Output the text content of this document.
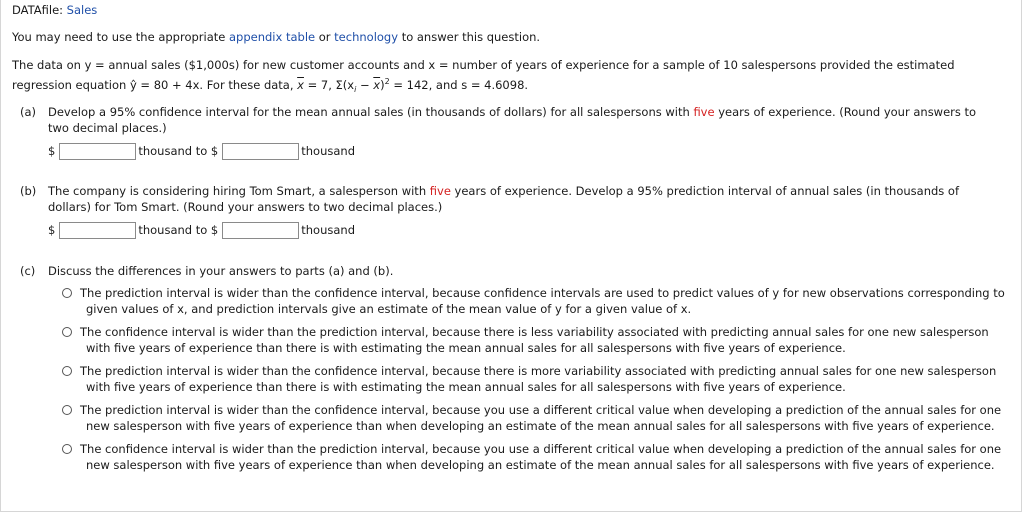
DATAfile: Sales
You may need to use the appropriate appendix table or technology to answer this question.
The data on y = annual sales ($1,000s) for new customer accounts and x = number of years of experience for a sample of 10 salespersons provided the estimated
regression equation ŷ = 80 + 4x. For these data, $\overline{x} = 7$, $\Sigma(x_i - \overline{x})^2 = 142$, and s = 4.6098.
(a) Develop a 95% confidence interval for the mean annual sales (in thousands of dollars) for all salespersons with five years of experience. (Round your answers to
two decimal places.)
$	thousand to $	thousand
(b) The company is considering hiring Tom Smart, a salesperson with five years of experience. Develop a 95% prediction interval of annual sales (in thousands of
dollars) for Tom Smart. (Round your answers to two decimal places.)
$	thousand to $	thousand
(c) Discuss the differences in your answers to parts (a) and (b).
The prediction interval is wider than the confidence interval, because confidence intervals are used to predict values of y for new observations corresponding to
given values of x, and prediction intervals give an estimate of the mean value of y for a given value of x.
The confidence interval is wider than the prediction interval, because there is less variability associated with predicting annual sales for one new salesperson
with five years of experience than there is with estimating the mean annual sales for all salespersons with five years of experience.
The prediction interval is wider than the confidence interval, because there is more variability associated with predicting annual sales for one new salesperson
with five years of experience than there is with estimating the mean annual sales for all salespersons with five years of experience.
The prediction interval is wider than the confidence interval, because you use a different critical value when developing a prediction of the annual sales for one
new salesperson with five years of experience than when developing an estimate of the mean annual sales for all salespersons with five years of experience.
The confidence interval is wider than the prediction interval, because you use a different critical value when developing a prediction of the annual sales for one
new salesperson with five years of experience than when developing an estimate of the mean annual sales for all salespersons with five years of experience.
